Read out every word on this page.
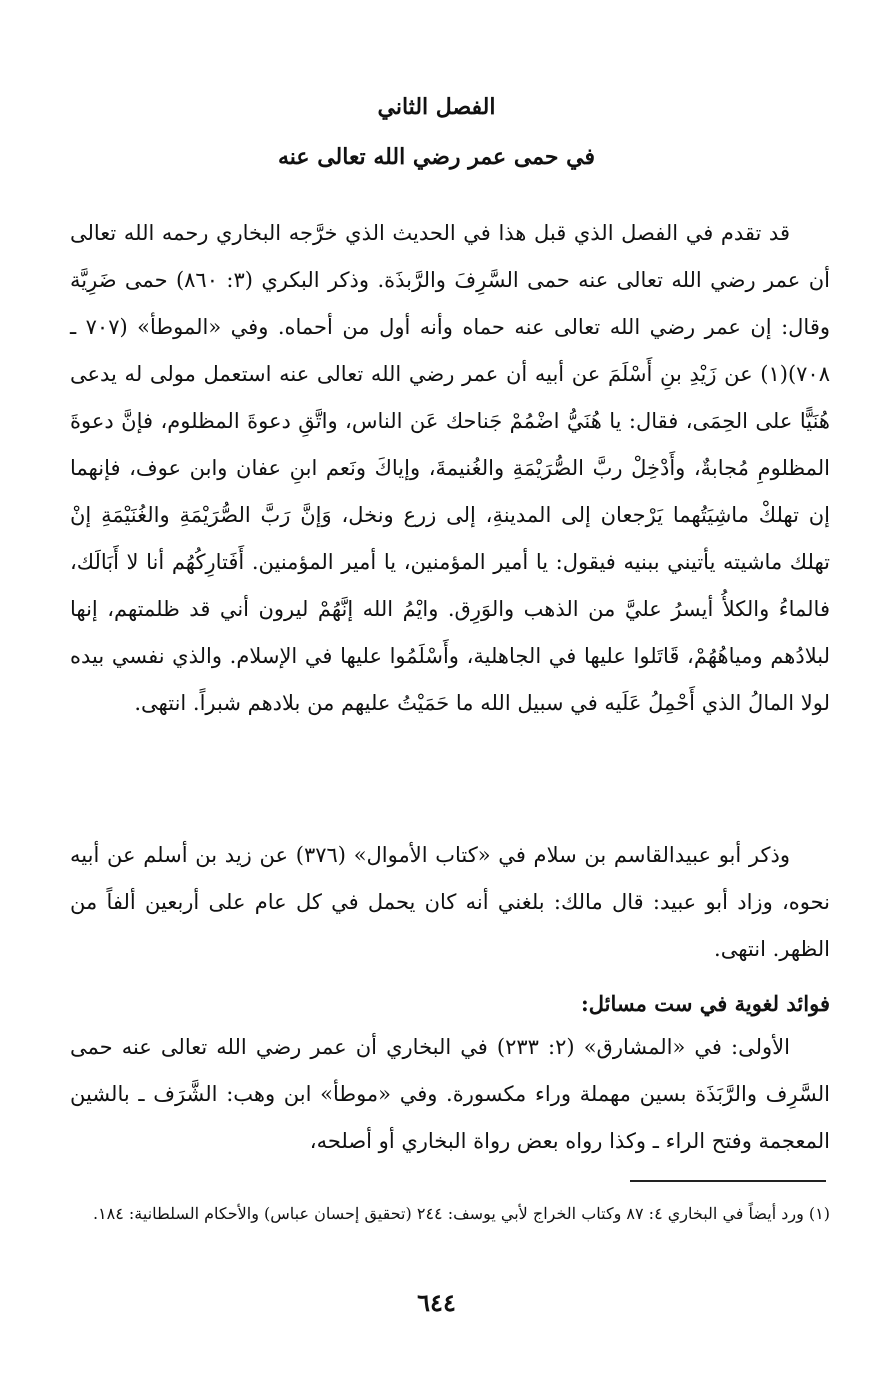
الفصل الثاني
في حمى عمر رضي الله تعالى عنه

قد تقدم في الفصل الذي قبل هذا في الحديث الذي خرَّجه البخاري رحمه الله تعالى أن عمر رضي الله تعالى عنه حمى السَّرِفَ والرَّبذَة. وذكر البكري (٣: ٨٦٠) حمى ضَرِيَّة وقال: إن عمر رضي الله تعالى عنه حماه وأنه أول من أحماه. وفي «الموطأ» (٧٠٧ ـ ٧٠٨)(١) عن زَيْدِ بنِ أَسْلَمَ عن أبيه أن عمر رضي الله تعالى عنه استعمل مولى له يدعى هُنَيًّا على الحِمَى، فقال: يا هُنَيُّ اضْمُمْ جَناحك عَن الناس، واتَّقِ دعوةَ المظلوم، فإنَّ دعوةَ المظلومِ مُجابةٌ، وأَدْخِلْ ربَّ الصُّرَيْمَةِ والغُنيمةَ، وإياكَ ونَعم ابنِ عفان وابن عوف، فإنهما إن تهلكْ ماشِيَتُهما يَرْجعان إلى المدينةِ، إلى زرع ونخل، وَإنَّ رَبَّ الصُّرَيْمَةِ والغُنَيْمَةِ إنْ تهلك ماشيته يأتيني ببنيه فيقول: يا أمير المؤمنين، يا أمير المؤمنين. أَفَتارِكُهُم أنا لا أَبَالَك، فالماءُ والكلأُ أيسرُ عليَّ من الذهب والوَرِق. وايْمُ الله إنَّهُمْ ليرون أني قد ظلمتهم، إنها لبلادُهم ومياهُهُمْ، قَاتَلوا عليها في الجاهلية، وأَسْلَمُوا عليها في الإسلام. والذي نفسي بيده لولا المالُ الذي أَحْمِلُ عَلَيه في سبيل الله ما حَمَيْتُ عليهم من بلادهم شبراً. انتهى.

وذكر أبو عبيدالقاسم بن سلام في «كتاب الأموال» (٣٧٦) عن زيد بن أسلم عن أبيه نحوه، وزاد أبو عبيد: قال مالك: بلغني أنه كان يحمل في كل عام على أربعين ألفاً من الظهر. انتهى.

فوائد لغوية في ست مسائل:

الأولى: في «المشارق» (٢: ٢٣٣) في البخاري أن عمر رضي الله تعالى عنه حمى السَّرِف والرَّبَذَة بسين مهملة وراء مكسورة. وفي «موطأ» ابن وهب: الشَّرَف ـ بالشين المعجمة وفتح الراء ـ وكذا رواه بعض رواة البخاري أو أصلحه،

(١) ورد أيضاً في البخاري ٤: ٨٧ وكتاب الخراج لأبي يوسف: ٢٤٤ (تحقيق إحسان عباس) والأحكام السلطانية: ١٨٤.
٦٤٤
